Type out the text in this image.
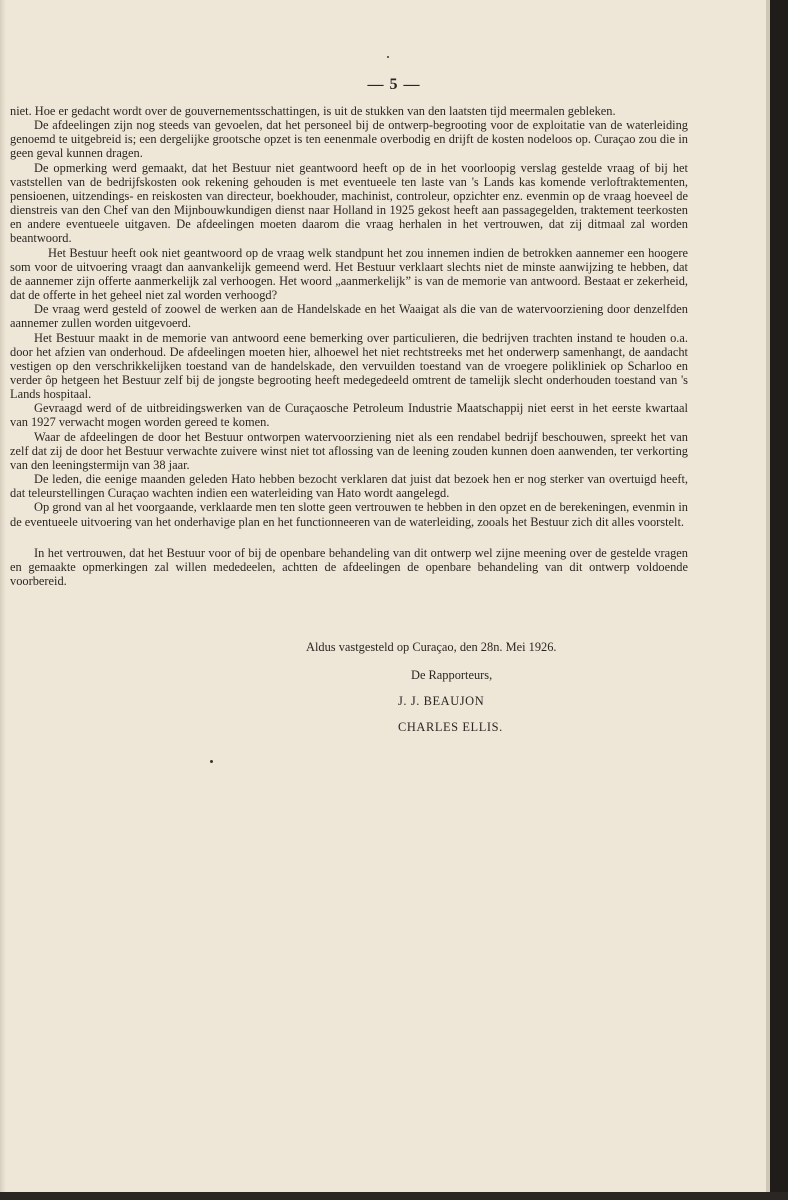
— 5 —

niet. Hoe er gedacht wordt over de gouvernementsschattingen, is uit de stukken van den laatsten tijd meermalen gebleken.

De afdeelingen zijn nog steeds van gevoelen, dat het personeel bij de ontwerp-begrooting voor de exploitatie van de waterleiding genoemd te uitgebreid is; een dergelijke grootsche opzet is ten eenenmale overbodig en drijft de kosten nodeloos op. Curaçao zou die in geen geval kunnen dragen.

De opmerking werd gemaakt, dat het Bestuur niet geantwoord heeft op de in het voorloopig verslag gestelde vraag of bij het vaststellen van de bedrijfskosten ook rekening gehouden is met eventueele ten laste van 's Lands kas komende verloftraktementen, pensioenen, uitzendings- en reiskosten van directeur, boekhouder, machinist, controleur, opzichter enz. evenmin op de vraag hoeveel de dienstreis van den Chef van den Mijnbouwkundigen dienst naar Holland in 1925 gekost heeft aan passagegelden, traktement teerkosten en andere eventueele uitgaven. De afdeelingen moeten daarom die vraag herhalen in het vertrouwen, dat zij ditmaal zal worden beantwoord.

Het Bestuur heeft ook niet geantwoord op de vraag welk standpunt het zou innemen indien de betrokken aannemer een hoogere som voor de uitvoering vraagt dan aanvankelijk gemeend werd. Het Bestuur verklaart slechts niet de minste aanwijzing te hebben, dat de aannemer zijn offerte aanmerkelijk zal verhoogen. Het woord „aanmerkelijk” is van de memorie van antwoord. Bestaat er zekerheid, dat de offerte in het geheel niet zal worden verhoogd?

De vraag werd gesteld of zoowel de werken aan de Handelskade en het Waaigat als die van de watervoorziening door denzelfden aannemer zullen worden uitgevoerd.

Het Bestuur maakt in de memorie van antwoord eene bemerking over particulieren, die bedrijven trachten instand te houden o.a. door het afzien van onderhoud. De afdeelingen moeten hier, alhoewel het niet rechtstreeks met het onderwerp samenhangt, de aandacht vestigen op den verschrikkelijken toestand van de handelskade, den vervuilden toestand van de vroegere polikliniek op Scharloo en verder ôp hetgeen het Bestuur zelf bij de jongste begrooting heeft medegedeeld omtrent de tamelijk slecht onderhouden toestand van 's Lands hospitaal.

Gevraagd werd of de uitbreidingswerken van de Curaçaosche Petroleum Industrie Maatschappij niet eerst in het eerste kwartaal van 1927 verwacht mogen worden gereed te komen.

Waar de afdeelingen de door het Bestuur ontworpen watervoorziening niet als een rendabel bedrijf beschouwen, spreekt het van zelf dat zij de door het Bestuur verwachte zuivere winst niet tot aflossing van de leening zouden kunnen doen aanwenden, ter verkorting van den leeningstermijn van 38 jaar.

De leden, die eenige maanden geleden Hato hebben bezocht verklaren dat juist dat bezoek hen er nog sterker van overtuigd heeft, dat teleurstellingen Curaçao wachten indien een waterleiding van Hato wordt aangelegd.

Op grond van al het voorgaande, verklaarde men ten slotte geen vertrouwen te hebben in den opzet en de berekeningen, evenmin in de eventueele uitvoering van het onderhavige plan en het functionneeren van de waterleiding, zooals het Bestuur zich dit alles voorstelt.

In het vertrouwen, dat het Bestuur voor of bij de openbare behandeling van dit ontwerp wel zijne meening over de gestelde vragen en gemaakte opmerkingen zal willen mededeelen, achtten de afdeelingen de openbare behandeling van dit ontwerp voldoende voorbereid.

Aldus vastgesteld op Curaçao, den 28n. Mei 1926.
De Rapporteurs,
J. J. BEAUJON
CHARLES ELLIS.
